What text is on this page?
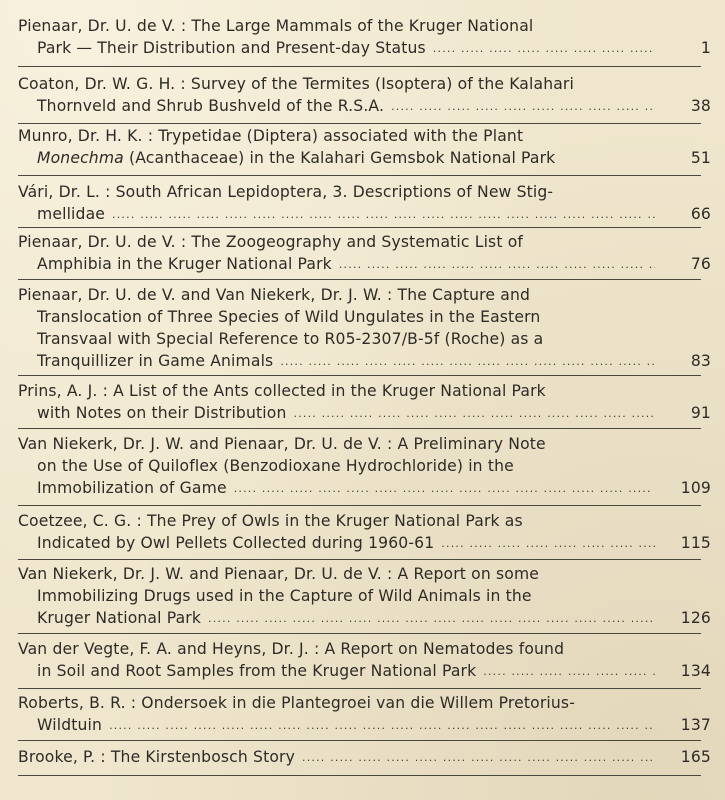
Pienaar, Dr. U. de V. : The Large Mammals of the Kruger National
Park — Their Distribution and Present-day Status .....	1
Coaton, Dr. W. G. H. : Survey of the Termites (Isoptera) of the Kalahari
Thornveld and Shrub Bushveld of the R.S.A. .....	38
Munro, Dr. H. K. : Trypetidae (Diptera) associated with the Plant
Monechma (Acanthaceae) in the Kalahari Gemsbok National Park	51
Vári, Dr. L. : South African Lepidoptera, 3. Descriptions of New Stig-
mellidae .....	66
Pienaar, Dr. U. de V. : The Zoogeography and Systematic List of
Amphibia in the Kruger National Park .....	76
Pienaar, Dr. U. de V. and Van Niekerk, Dr. J. W. : The Capture and
Translocation of Three Species of Wild Ungulates in the Eastern
Transvaal with Special Reference to R05-2307/B-5f (Roche) as a
Tranquillizer in Game Animals .....	83
Prins, A. J. : A List of the Ants collected in the Kruger National Park
with Notes on their Distribution .....	91
Van Niekerk, Dr. J. W. and Pienaar, Dr. U. de V. : A Preliminary Note
on the Use of Quiloflex (Benzodioxane Hydrochloride) in the
Immobilization of Game .....	109
Coetzee, C. G. : The Prey of Owls in the Kruger National Park as
Indicated by Owl Pellets Collected during 1960-61 .....	115
Van Niekerk, Dr. J. W. and Pienaar, Dr. U. de V. : A Report on some
Immobilizing Drugs used in the Capture of Wild Animals in the
Kruger National Park .....	126
Van der Vegte, F. A. and Heyns, Dr. J. : A Report on Nematodes found
in Soil and Root Samples from the Kruger National Park .....	134
Roberts, B. R. : Ondersoek in die Plantegroei van die Willem Pretorius-
Wildtuin .....	137
Brooke, P. : The Kirstenbosch Story .....	165
